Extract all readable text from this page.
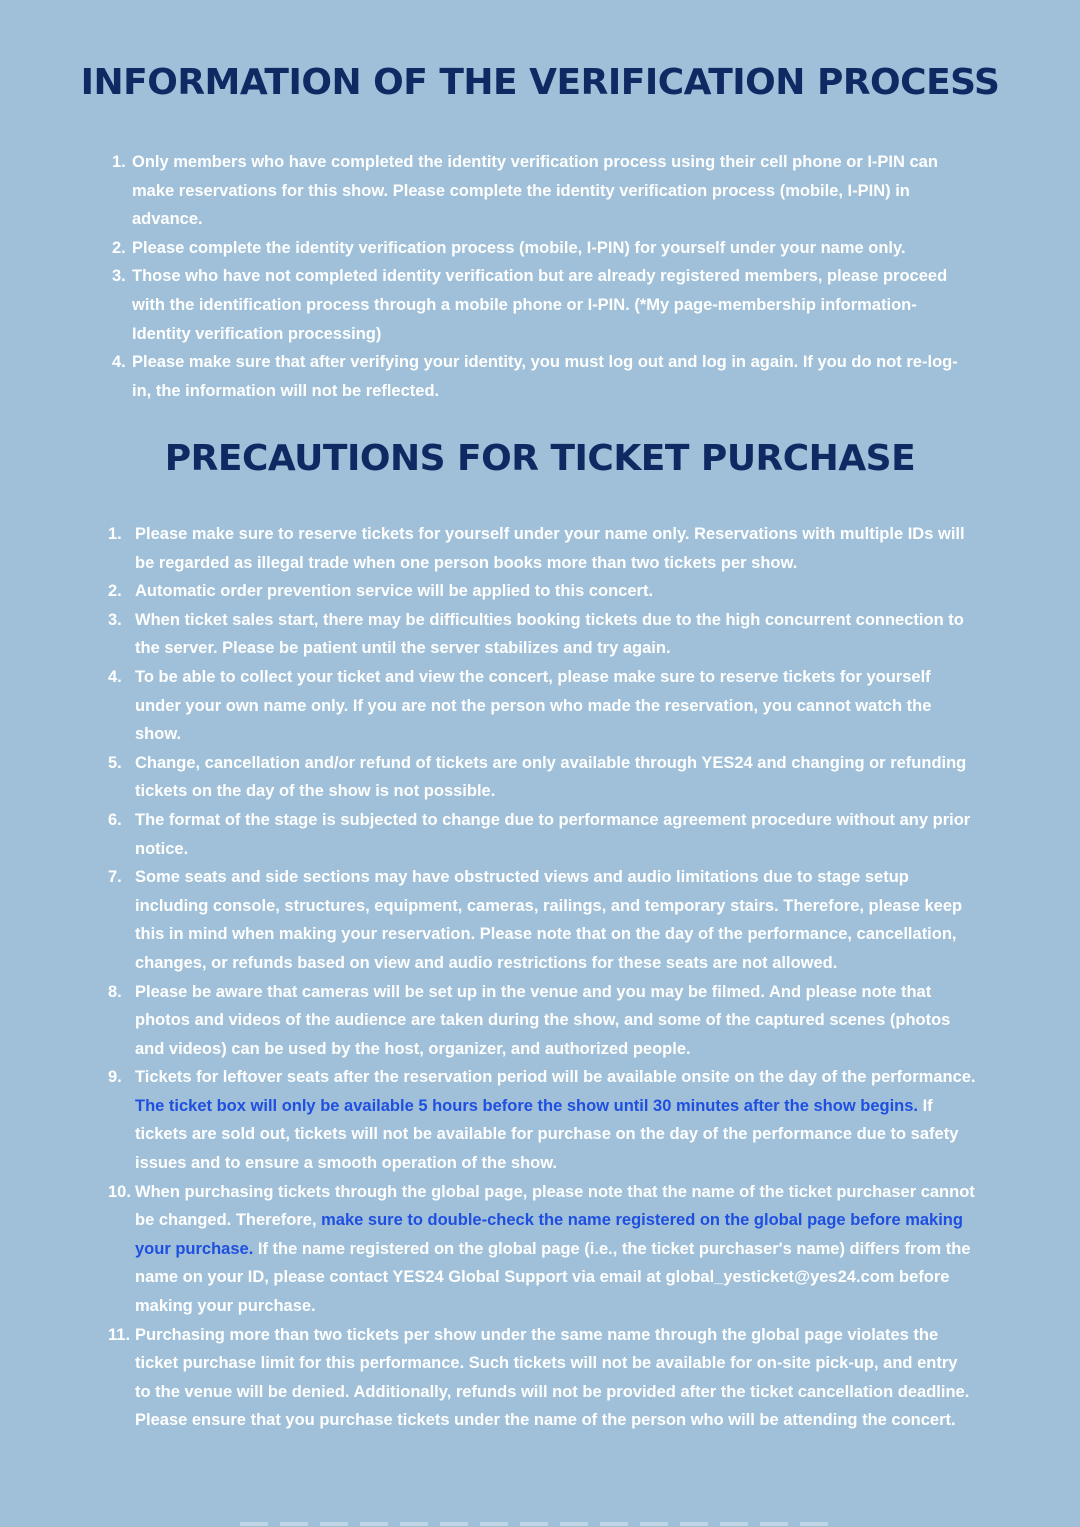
INFORMATION OF THE VERIFICATION PROCESS
1. Only members who have completed the identity verification process using their cell phone or I-PIN can make reservations for this show. Please complete the identity verification process (mobile, I-PIN) in advance.
2. Please complete the identity verification process (mobile, I-PIN) for yourself under your name only.
3. Those who have not completed identity verification but are already registered members, please proceed with the identification process through a mobile phone or I-PIN. (*My page-membership information-Identity verification processing)
4. Please make sure that after verifying your identity, you must log out and log in again. If you do not re-log-in, the information will not be reflected.
PRECAUTIONS FOR TICKET PURCHASE
1. Please make sure to reserve tickets for yourself under your name only. Reservations with multiple IDs will be regarded as illegal trade when one person books more than two tickets per show.
2. Automatic order prevention service will be applied to this concert.
3. When ticket sales start, there may be difficulties booking tickets due to the high concurrent connection to the server. Please be patient until the server stabilizes and try again.
4. To be able to collect your ticket and view the concert, please make sure to reserve tickets for yourself under your own name only. If you are not the person who made the reservation, you cannot watch the show.
5. Change, cancellation and/or refund of tickets are only available through YES24 and changing or refunding tickets on the day of the show is not possible.
6. The format of the stage is subjected to change due to performance agreement procedure without any prior notice.
7. Some seats and side sections may have obstructed views and audio limitations due to stage setup including console, structures, equipment, cameras, railings, and temporary stairs. Therefore, please keep this in mind when making your reservation. Please note that on the day of the performance, cancellation, changes, or refunds based on view and audio restrictions for these seats are not allowed.
8. Please be aware that cameras will be set up in the venue and you may be filmed. And please note that photos and videos of the audience are taken during the show, and some of the captured scenes (photos and videos) can be used by the host, organizer, and authorized people.
9. Tickets for leftover seats after the reservation period will be available onsite on the day of the performance. The ticket box will only be available 5 hours before the show until 30 minutes after the show begins. If tickets are sold out, tickets will not be available for purchase on the day of the performance due to safety issues and to ensure a smooth operation of the show.
10. When purchasing tickets through the global page, please note that the name of the ticket purchaser cannot be changed. Therefore, make sure to double-check the name registered on the global page before making your purchase. If the name registered on the global page (i.e., the ticket purchaser's name) differs from the name on your ID, please contact YES24 Global Support via email at global_yesticket@yes24.com before making your purchase.
11. Purchasing more than two tickets per show under the same name through the global page violates the ticket purchase limit for this performance. Such tickets will not be available for on-site pick-up, and entry to the venue will be denied. Additionally, refunds will not be provided after the ticket cancellation deadline. Please ensure that you purchase tickets under the name of the person who will be attending the concert.
